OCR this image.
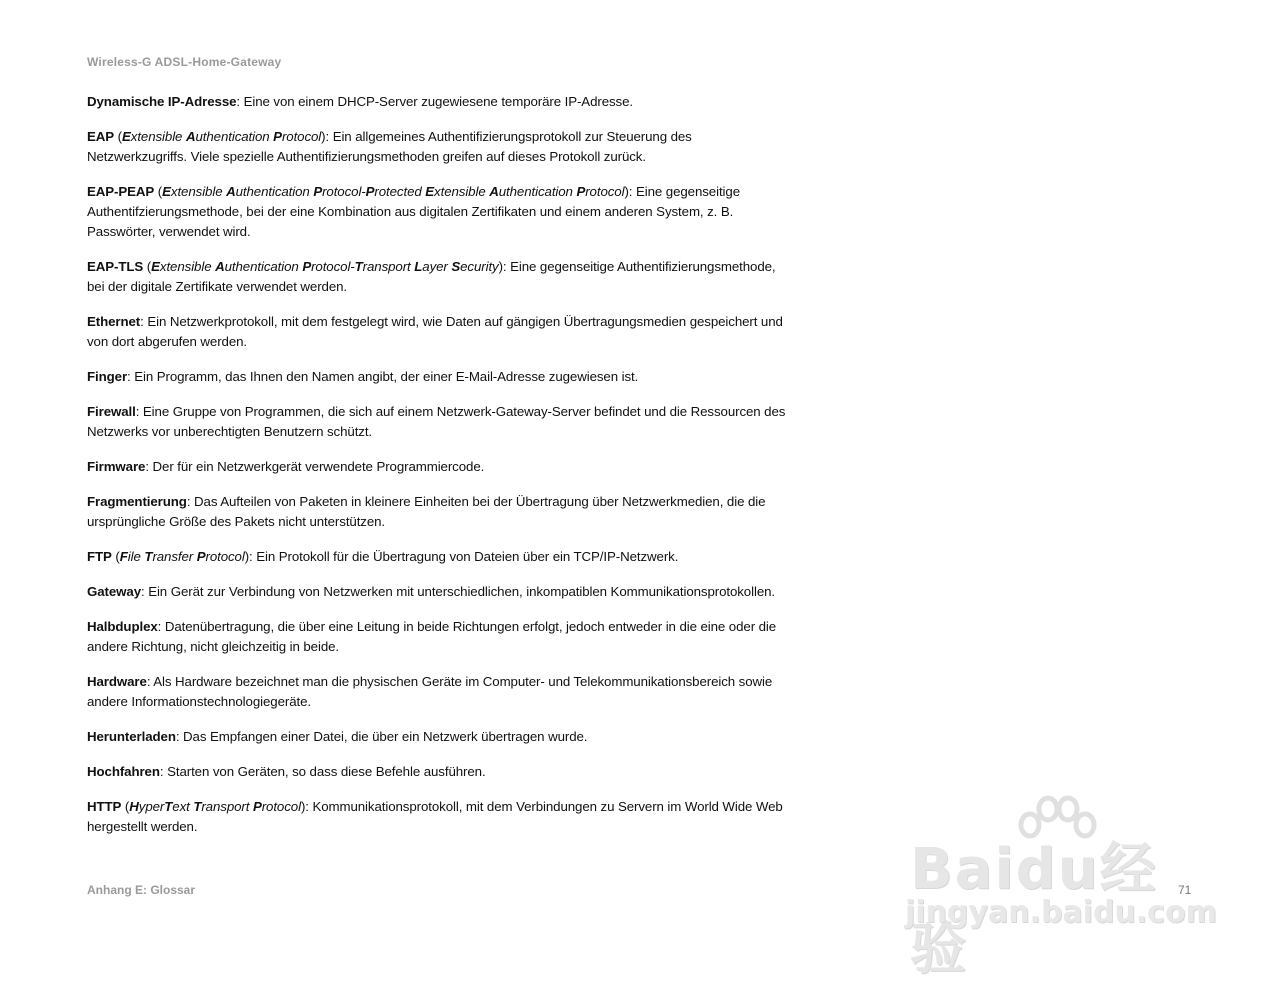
Wireless-G ADSL-Home-Gateway

Dynamische IP-Adresse: Eine von einem DHCP-Server zugewiesene temporäre IP-Adresse.

EAP (Extensible Authentication Protocol): Ein allgemeines Authentifizierungsprotokoll zur Steuerung des Netzwerkzugriffs. Viele spezielle Authentifizierungsmethoden greifen auf dieses Protokoll zurück.

EAP-PEAP (Extensible Authentication Protocol-Protected Extensible Authentication Protocol): Eine gegenseitige Authentifzierungsmethode, bei der eine Kombination aus digitalen Zertifikaten und einem anderen System, z. B. Passwörter, verwendet wird.

EAP-TLS (Extensible Authentication Protocol-Transport Layer Security): Eine gegenseitige Authentifizierungsmethode, bei der digitale Zertifikate verwendet werden.

Ethernet: Ein Netzwerkprotokoll, mit dem festgelegt wird, wie Daten auf gängigen Übertragungsmedien gespeichert und von dort abgerufen werden.

Finger: Ein Programm, das Ihnen den Namen angibt, der einer E-Mail-Adresse zugewiesen ist.

Firewall: Eine Gruppe von Programmen, die sich auf einem Netzwerk-Gateway-Server befindet und die Ressourcen des Netzwerks vor unberechtigten Benutzern schützt.

Firmware: Der für ein Netzwerkgerät verwendete Programmiercode.

Fragmentierung: Das Aufteilen von Paketen in kleinere Einheiten bei der Übertragung über Netzwerkmedien, die die ursprüngliche Größe des Pakets nicht unterstützen.

FTP (File Transfer Protocol): Ein Protokoll für die Übertragung von Dateien über ein TCP/IP-Netzwerk.

Gateway: Ein Gerät zur Verbindung von Netzwerken mit unterschiedlichen, inkompatiblen Kommunikationsprotokollen.

Halbduplex: Datenübertragung, die über eine Leitung in beide Richtungen erfolgt, jedoch entweder in die eine oder die andere Richtung, nicht gleichzeitig in beide.

Hardware: Als Hardware bezeichnet man die physischen Geräte im Computer- und Telekommunikationsbereich sowie andere Informationstechnologiegeräte.

Herunterladen: Das Empfangen einer Datei, die über ein Netzwerk übertragen wurde.

Hochfahren: Starten von Geräten, so dass diese Befehle ausführen.

HTTP (HyperText Transport Protocol): Kommunikationsprotokoll, mit dem Verbindungen zu Servern im World Wide Web hergestellt werden.

Anhang E: Glossar	71
Baidu经验
jingyan.baidu.com
